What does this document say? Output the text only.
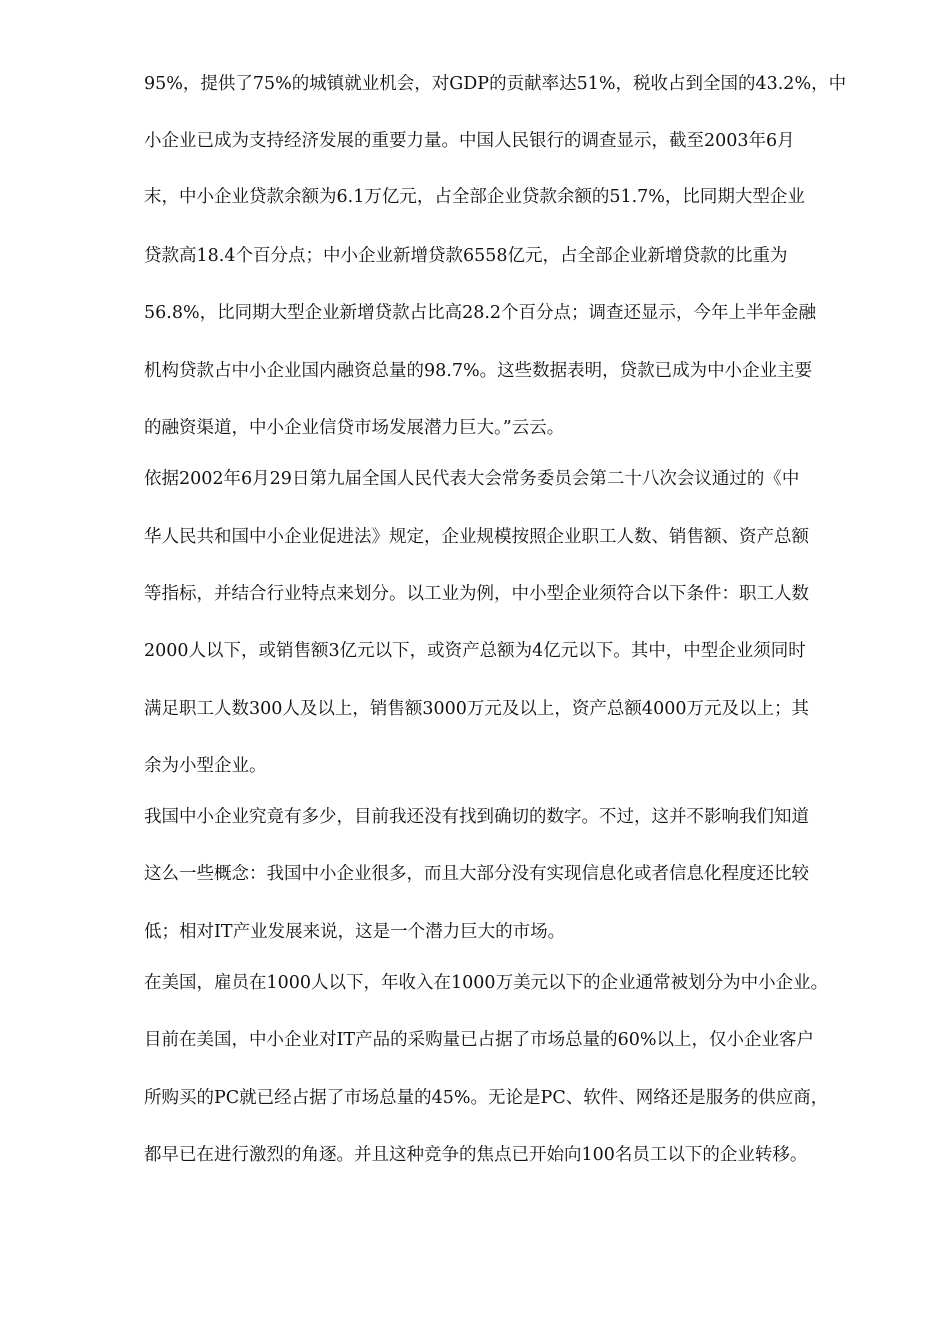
95%，提供了75%的城镇就业机会，对GDP的贡献率达51%，税收占到全国的43.2%，中
小企业已成为支持经济发展的重要力量。中国人民银行的调查显示，截至2003年6月
末，中小企业贷款余额为6.1万亿元，占全部企业贷款余额的51.7%，比同期大型企业
贷款高18.4个百分点；中小企业新增贷款6558亿元，占全部企业新增贷款的比重为
56.8%，比同期大型企业新增贷款占比高28.2个百分点；调查还显示，今年上半年金融
机构贷款占中小企业国内融资总量的98.7%。这些数据表明，贷款已成为中小企业主要
的融资渠道，中小企业信贷市场发展潜力巨大。”云云。
依据2002年6月29日第九届全国人民代表大会常务委员会第二十八次会议通过的《中
华人民共和国中小企业促进法》规定，企业规模按照企业职工人数、销售额、资产总额
等指标，并结合行业特点来划分。以工业为例，中小型企业须符合以下条件：职工人数
2000人以下，或销售额3亿元以下，或资产总额为4亿元以下。其中，中型企业须同时
满足职工人数300人及以上，销售额3000万元及以上，资产总额4000万元及以上；其
余为小型企业。
我国中小企业究竟有多少，目前我还没有找到确切的数字。不过，这并不影响我们知道
这么一些概念：我国中小企业很多，而且大部分没有实现信息化或者信息化程度还比较
低；相对IT产业发展来说，这是一个潜力巨大的市场。
在美国，雇员在1000人以下，年收入在1000万美元以下的企业通常被划分为中小企业。
目前在美国，中小企业对IT产品的采购量已占据了市场总量的60%以上，仅小企业客户
所购买的PC就已经占据了市场总量的45%。无论是PC、软件、网络还是服务的供应商，
都早已在进行激烈的角逐。并且这种竞争的焦点已开始向100名员工以下的企业转移。
